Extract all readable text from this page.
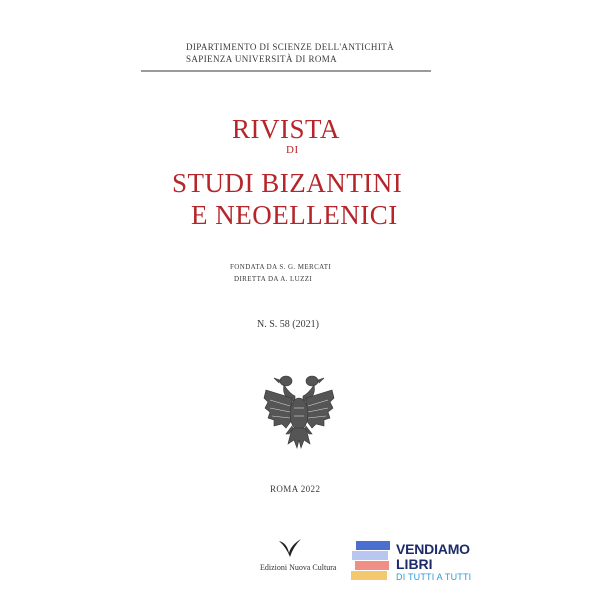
DIPARTIMENTO DI SCIENZE DELL'ANTICHITÀ
SAPIENZA UNIVERSITÀ DI ROMA
RIVISTA
DI
STUDI BIZANTINI
E NEOELLENICI
FONDATA DA S. G. MERCATI
DIRETTA DA A. LUZZI
N. S. 58 (2021)
ROMA 2022
Edizioni Nuova Cultura
VENDIAMO
LIBRI
DI TUTTI A TUTTI
